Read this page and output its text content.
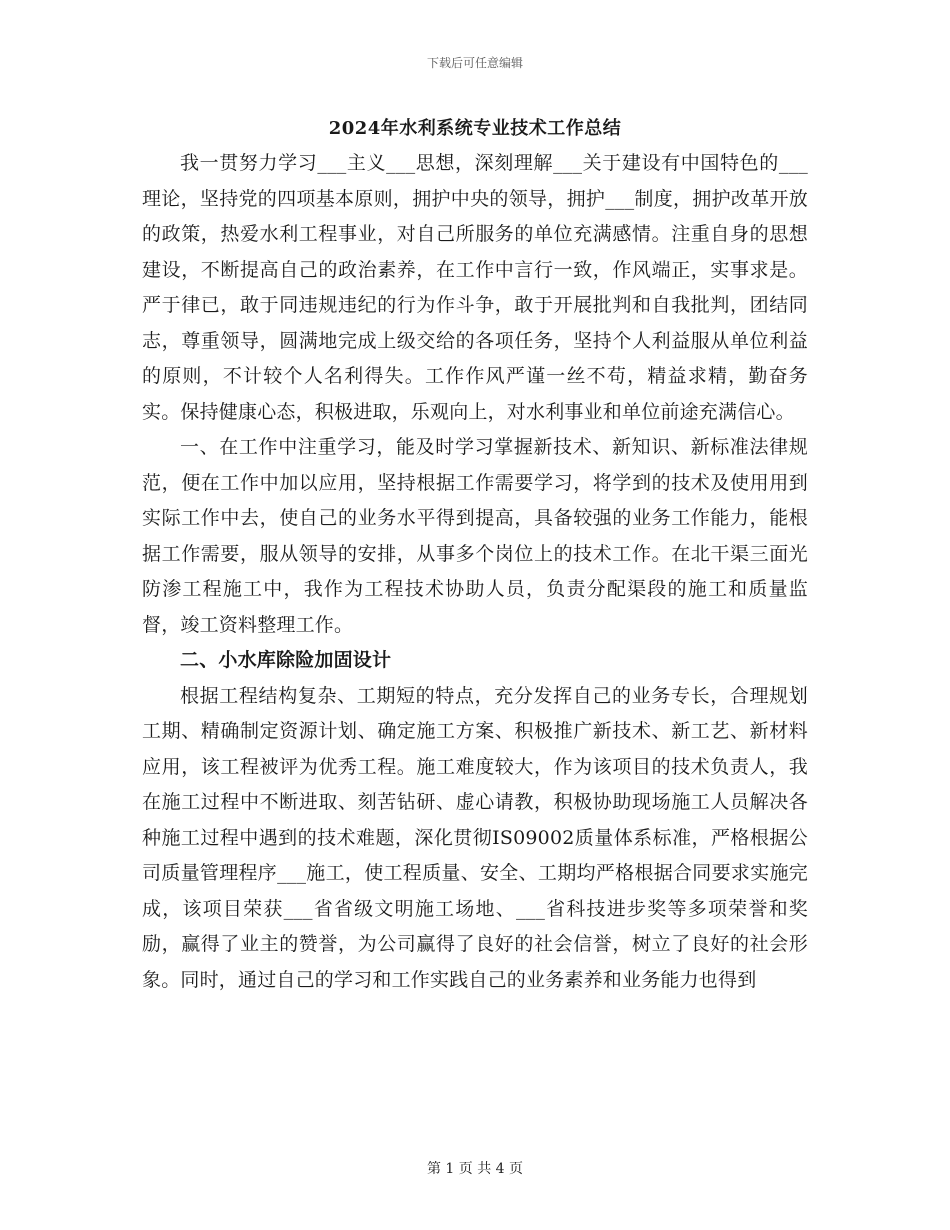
下载后可任意编辑
2024年水利系统专业技术工作总结

我一贯努力学习___主义___思想，深刻理解___关于建设有中国特色的___理论，坚持党的四项基本原则，拥护中央的领导，拥护___制度，拥护改革开放的政策，热爱水利工程事业，对自己所服务的单位充满感情。注重自身的思想建设，不断提高自己的政治素养，在工作中言行一致，作风端正，实事求是。严于律已，敢于同违规违纪的行为作斗争，敢于开展批判和自我批判，团结同志，尊重领导，圆满地完成上级交给的各项任务，坚持个人利益服从单位利益的原则，不计较个人名利得失。工作作风严谨一丝不苟，精益求精，勤奋务实。保持健康心态，积极进取，乐观向上，对水利事业和单位前途充满信心。

一、在工作中注重学习，能及时学习掌握新技术、新知识、新标准法律规范，便在工作中加以应用，坚持根据工作需要学习，将学到的技术及使用用到实际工作中去，使自己的业务水平得到提高，具备较强的业务工作能力，能根据工作需要，服从领导的安排，从事多个岗位上的技术工作。在北干渠三面光防渗工程施工中，我作为工程技术协助人员，负责分配渠段的施工和质量监督，竣工资料整理工作。

二、小水库除险加固设计

根据工程结构复杂、工期短的特点，充分发挥自己的业务专长，合理规划工期、精确制定资源计划、确定施工方案、积极推广新技术、新工艺、新材料应用，该工程被评为优秀工程。施工难度较大，作为该项目的技术负责人，我在施工过程中不断进取、刻苦钻研、虚心请教，积极协助现场施工人员解决各种施工过程中遇到的技术难题，深化贯彻IS09002质量体系标准，严格根据公司质量管理程序___施工，使工程质量、安全、工期均严格根据合同要求实施完成，该项目荣获___省省级文明施工场地、___省科技进步奖等多项荣誉和奖励，赢得了业主的赞誉，为公司赢得了良好的社会信誉，树立了良好的社会形象。同时，通过自己的学习和工作实践自己的业务素养和业务能力也得到

第 1 页 共 4 页
